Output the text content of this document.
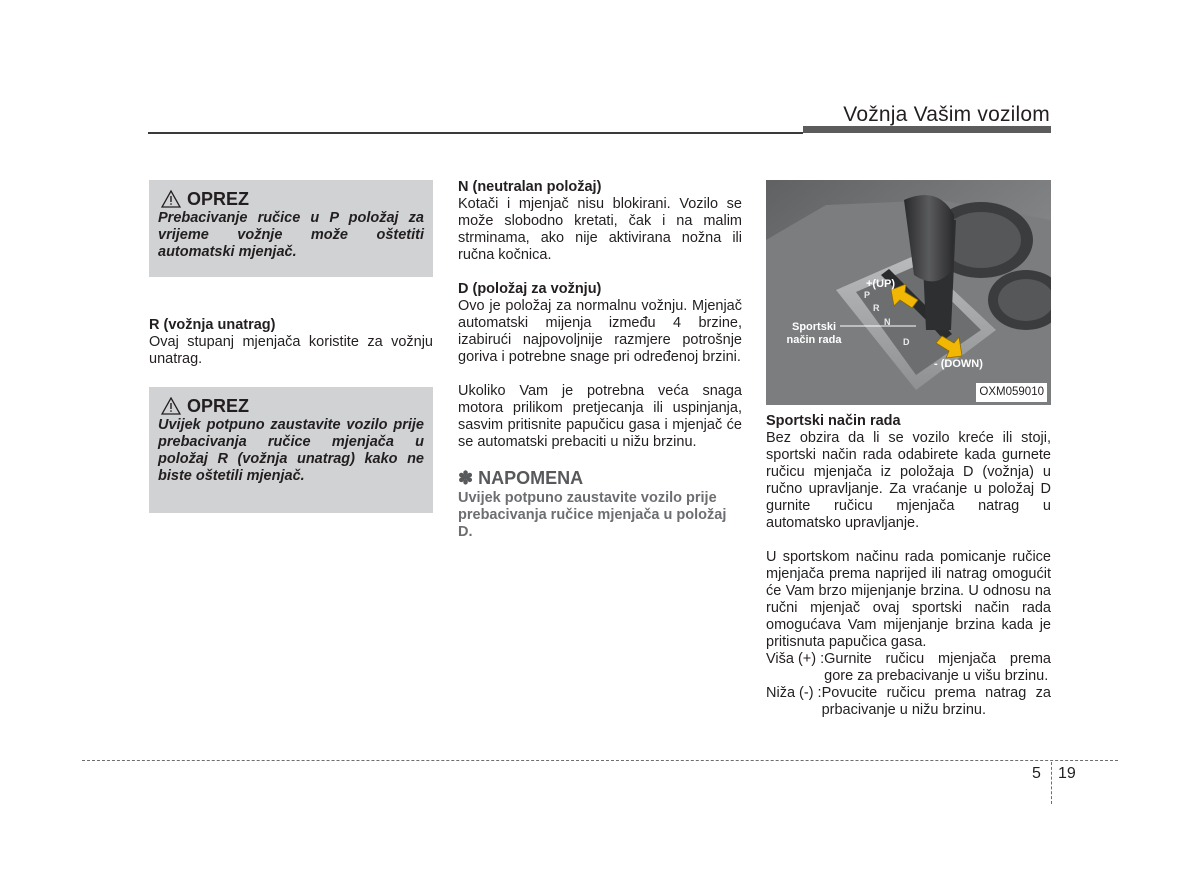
Vožnja Vašim vozilom
OPREZ
Prebacivanje ručice u P položaj za vrijeme vožnje može oštetiti automatski mjenjač.
R (vožnja unatrag)
Ovaj stupanj mjenjača koristite za vožnju unatrag.
OPREZ
Uvijek potpuno zaustavite vozilo prije prebacivanja ručice mjenjača u položaj R (vožnja unatrag) kako ne biste oštetili mjenjač.
N (neutralan položaj)
Kotači i mjenjač nisu blokirani. Vozilo se može slobodno kretati, čak i na malim strminama, ako nije aktivirana nožna ili ručna kočnica.
D (položaj za vožnju)
Ovo je položaj za normalnu vožnju. Mjenjač automatski mijenja između 4 brzine, izabirući najpovoljnije razmjere potrošnje goriva i potrebne snage pri određenoj brzini.
Ukoliko Vam je potrebna veća snaga motora prilikom pretjecanja ili uspinjanja, sasvim pritisnite papučicu gasa i mjenjač će se automatski prebaciti u nižu brzinu.
✽ NAPOMENA
Uvijek potpuno zaustavite vozilo prije prebacivanja ručice mjenjača u položaj D.
P
R
N
D
+(UP)
- (DOWN)
Sportski način rada
OXM059010
Sportski način rada
Bez obzira da li se vozilo kreće ili stoji, sportski način rada odabirete kada gurnete ručicu mjenjača iz položaja D (vožnja) u ručno upravljanje. Za vraćanje u položaj D gurnite ručicu mjenjača natrag u automatsko upravljanje.
U sportskom načinu rada pomicanje ručice mjenjača prema naprijed ili natrag omogućit će Vam brzo mijenjanje brzina. U odnosu na ručni mjenjač ovaj sportski način rada omogućava Vam mijenjanje brzina kada je pritisnuta papučica gasa.
Viša (+) : Gurnite ručicu mjenjača prema gore za prebacivanje u višu brzinu.
Niža (-) : Povucite ručicu prema natrag za prbacivanje u nižu brzinu.
5 19
